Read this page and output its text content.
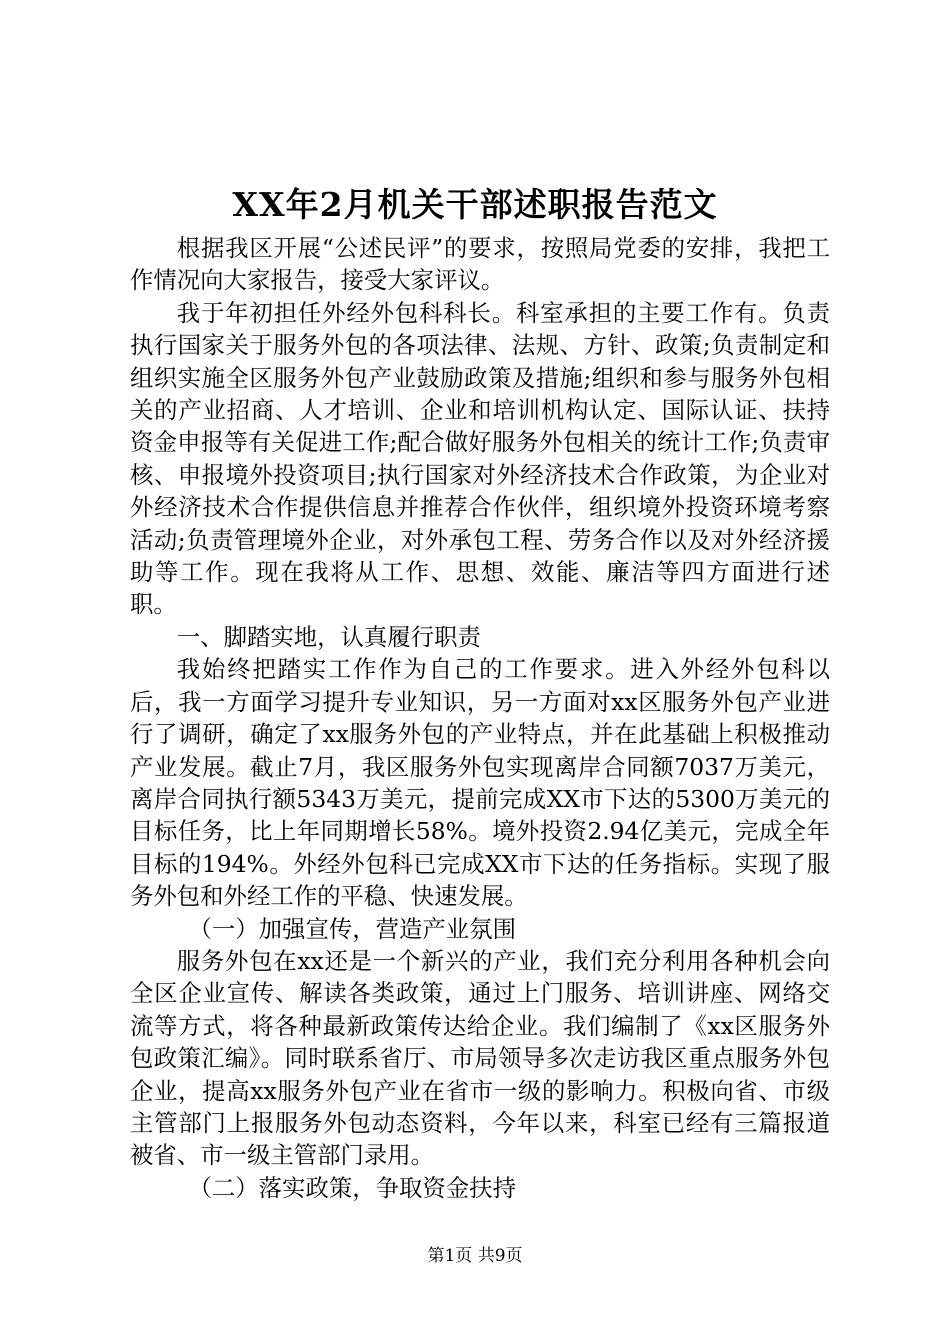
XX年2月机关干部述职报告范文

根据我区开展“公述民评”的要求，按照局党委的安排，我把工作情况向大家报告，接受大家评议。

我于年初担任外经外包科科长。科室承担的主要工作有。负责执行国家关于服务外包的各项法律、法规、方针、政策;负责制定和组织实施全区服务外包产业鼓励政策及措施;组织和参与服务外包相关的产业招商、人才培训、企业和培训机构认定、国际认证、扶持资金申报等有关促进工作;配合做好服务外包相关的统计工作;负责审核、申报境外投资项目;执行国家对外经济技术合作政策，为企业对外经济技术合作提供信息并推荐合作伙伴，组织境外投资环境考察活动;负责管理境外企业，对外承包工程、劳务合作以及对外经济援助等工作。现在我将从工作、思想、效能、廉洁等四方面进行述职。

一、脚踏实地，认真履行职责

我始终把踏实工作作为自己的工作要求。进入外经外包科以后，我一方面学习提升专业知识，另一方面对xx区服务外包产业进行了调研，确定了xx服务外包的产业特点，并在此基础上积极推动产业发展。截止7月，我区服务外包实现离岸合同额7037万美元，离岸合同执行额5343万美元，提前完成XX市下达的5300万美元的目标任务，比上年同期增长58%。境外投资2.94亿美元，完成全年目标的194%。外经外包科已完成XX市下达的任务指标。实现了服务外包和外经工作的平稳、快速发展。

（一）加强宣传，营造产业氛围

服务外包在xx还是一个新兴的产业，我们充分利用各种机会向全区企业宣传、解读各类政策，通过上门服务、培训讲座、网络交流等方式，将各种最新政策传达给企业。我们编制了《xx区服务外包政策汇编》。同时联系省厅、市局领导多次走访我区重点服务外包企业，提高xx服务外包产业在省市一级的影响力。积极向省、市级主管部门上报服务外包动态资料，今年以来，科室已经有三篇报道被省、市一级主管部门录用。

（二）落实政策，争取资金扶持

第1页 共9页
